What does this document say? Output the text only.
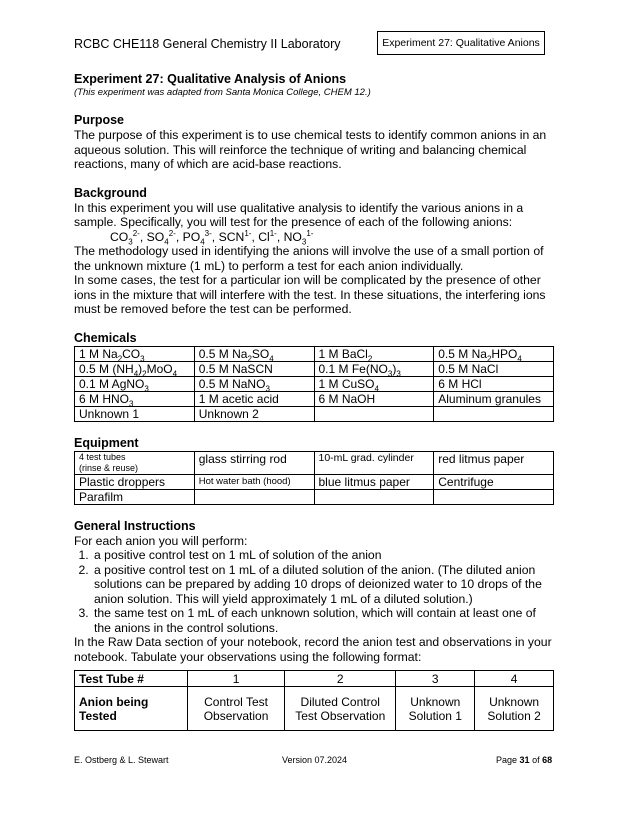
RCBC CHE118 General Chemistry II Laboratory	Experiment 27: Qualitative Anions
Experiment 27: Qualitative Analysis of Anions

(This experiment was adapted from Santa Monica College, CHEM 12.)

Purpose

The purpose of this experiment is to use chemical tests to identify common anions in an aqueous solution. This will reinforce the technique of writing and balancing chemical reactions, many of which are acid-base reactions.

Background

In this experiment you will use qualitative analysis to identify the various anions in a sample. Specifically, you will test for the presence of each of the following anions:

$CO_3^{2-}$, $SO_4^{2-}$, $PO_4^{3-}$, $SCN^{1-}$, $Cl^{1-}$, $NO_3^{1-}$

The methodology used in identifying the anions will involve the use of a small portion of the unknown mixture (1 mL) to perform a test for each anion individually.

In some cases, the test for a particular ion will be complicated by the presence of other ions in the mixture that will interfere with the test. In these situations, the interfering ions must be removed before the test can be performed.

Chemicals
1 M $Na_2CO_3$	0.5 M $Na_2SO_4$	1 M BaCl$_2$	0.5 M $Na_2HPO_4$
0.5 M $(NH_4)_2MoO_4$	0.5 M NaSCN	0.1 M $Fe(NO_3)_3$	0.5 M NaCl
0.1 M AgNO$_3$	0.5 M NaNO$_3$	1 M CuSO$_4$	6 M HCl
6 M $HNO_3$	1 M acetic acid	6 M NaOH	Aluminum granules
Unknown 1	Unknown 2		
Equipment
4 test tubes
(rinse & reuse)	glass stirring rod	10-mL grad. cylinder	red litmus paper
Plastic droppers	Hot water bath (hood)	blue litmus paper	Centrifuge
Parafilm			
General Instructions

For each anion you will perform:

1. a positive control test on 1 mL of solution of the anion
2. a positive control test on 1 mL of a diluted solution of the anion. (The diluted anion solutions can be prepared by adding 10 drops of deionized water to 10 drops of the anion solution. This will yield approximately 1 mL of a diluted solution.)
3. the same test on 1 mL of each unknown solution, which will contain at least one of the anions in the control solutions.

In the Raw Data section of your notebook, record the anion test and observations in your notebook. Tabulate your observations using the following format:

Test Tube #	1	2	3	4
Anion being Tested	Control Test Observation	Diluted Control Test Observation	Unknown Solution 1	Unknown Solution 2
E. Ostberg & L. Stewart	Version 07.2024	Page 31 of 68
